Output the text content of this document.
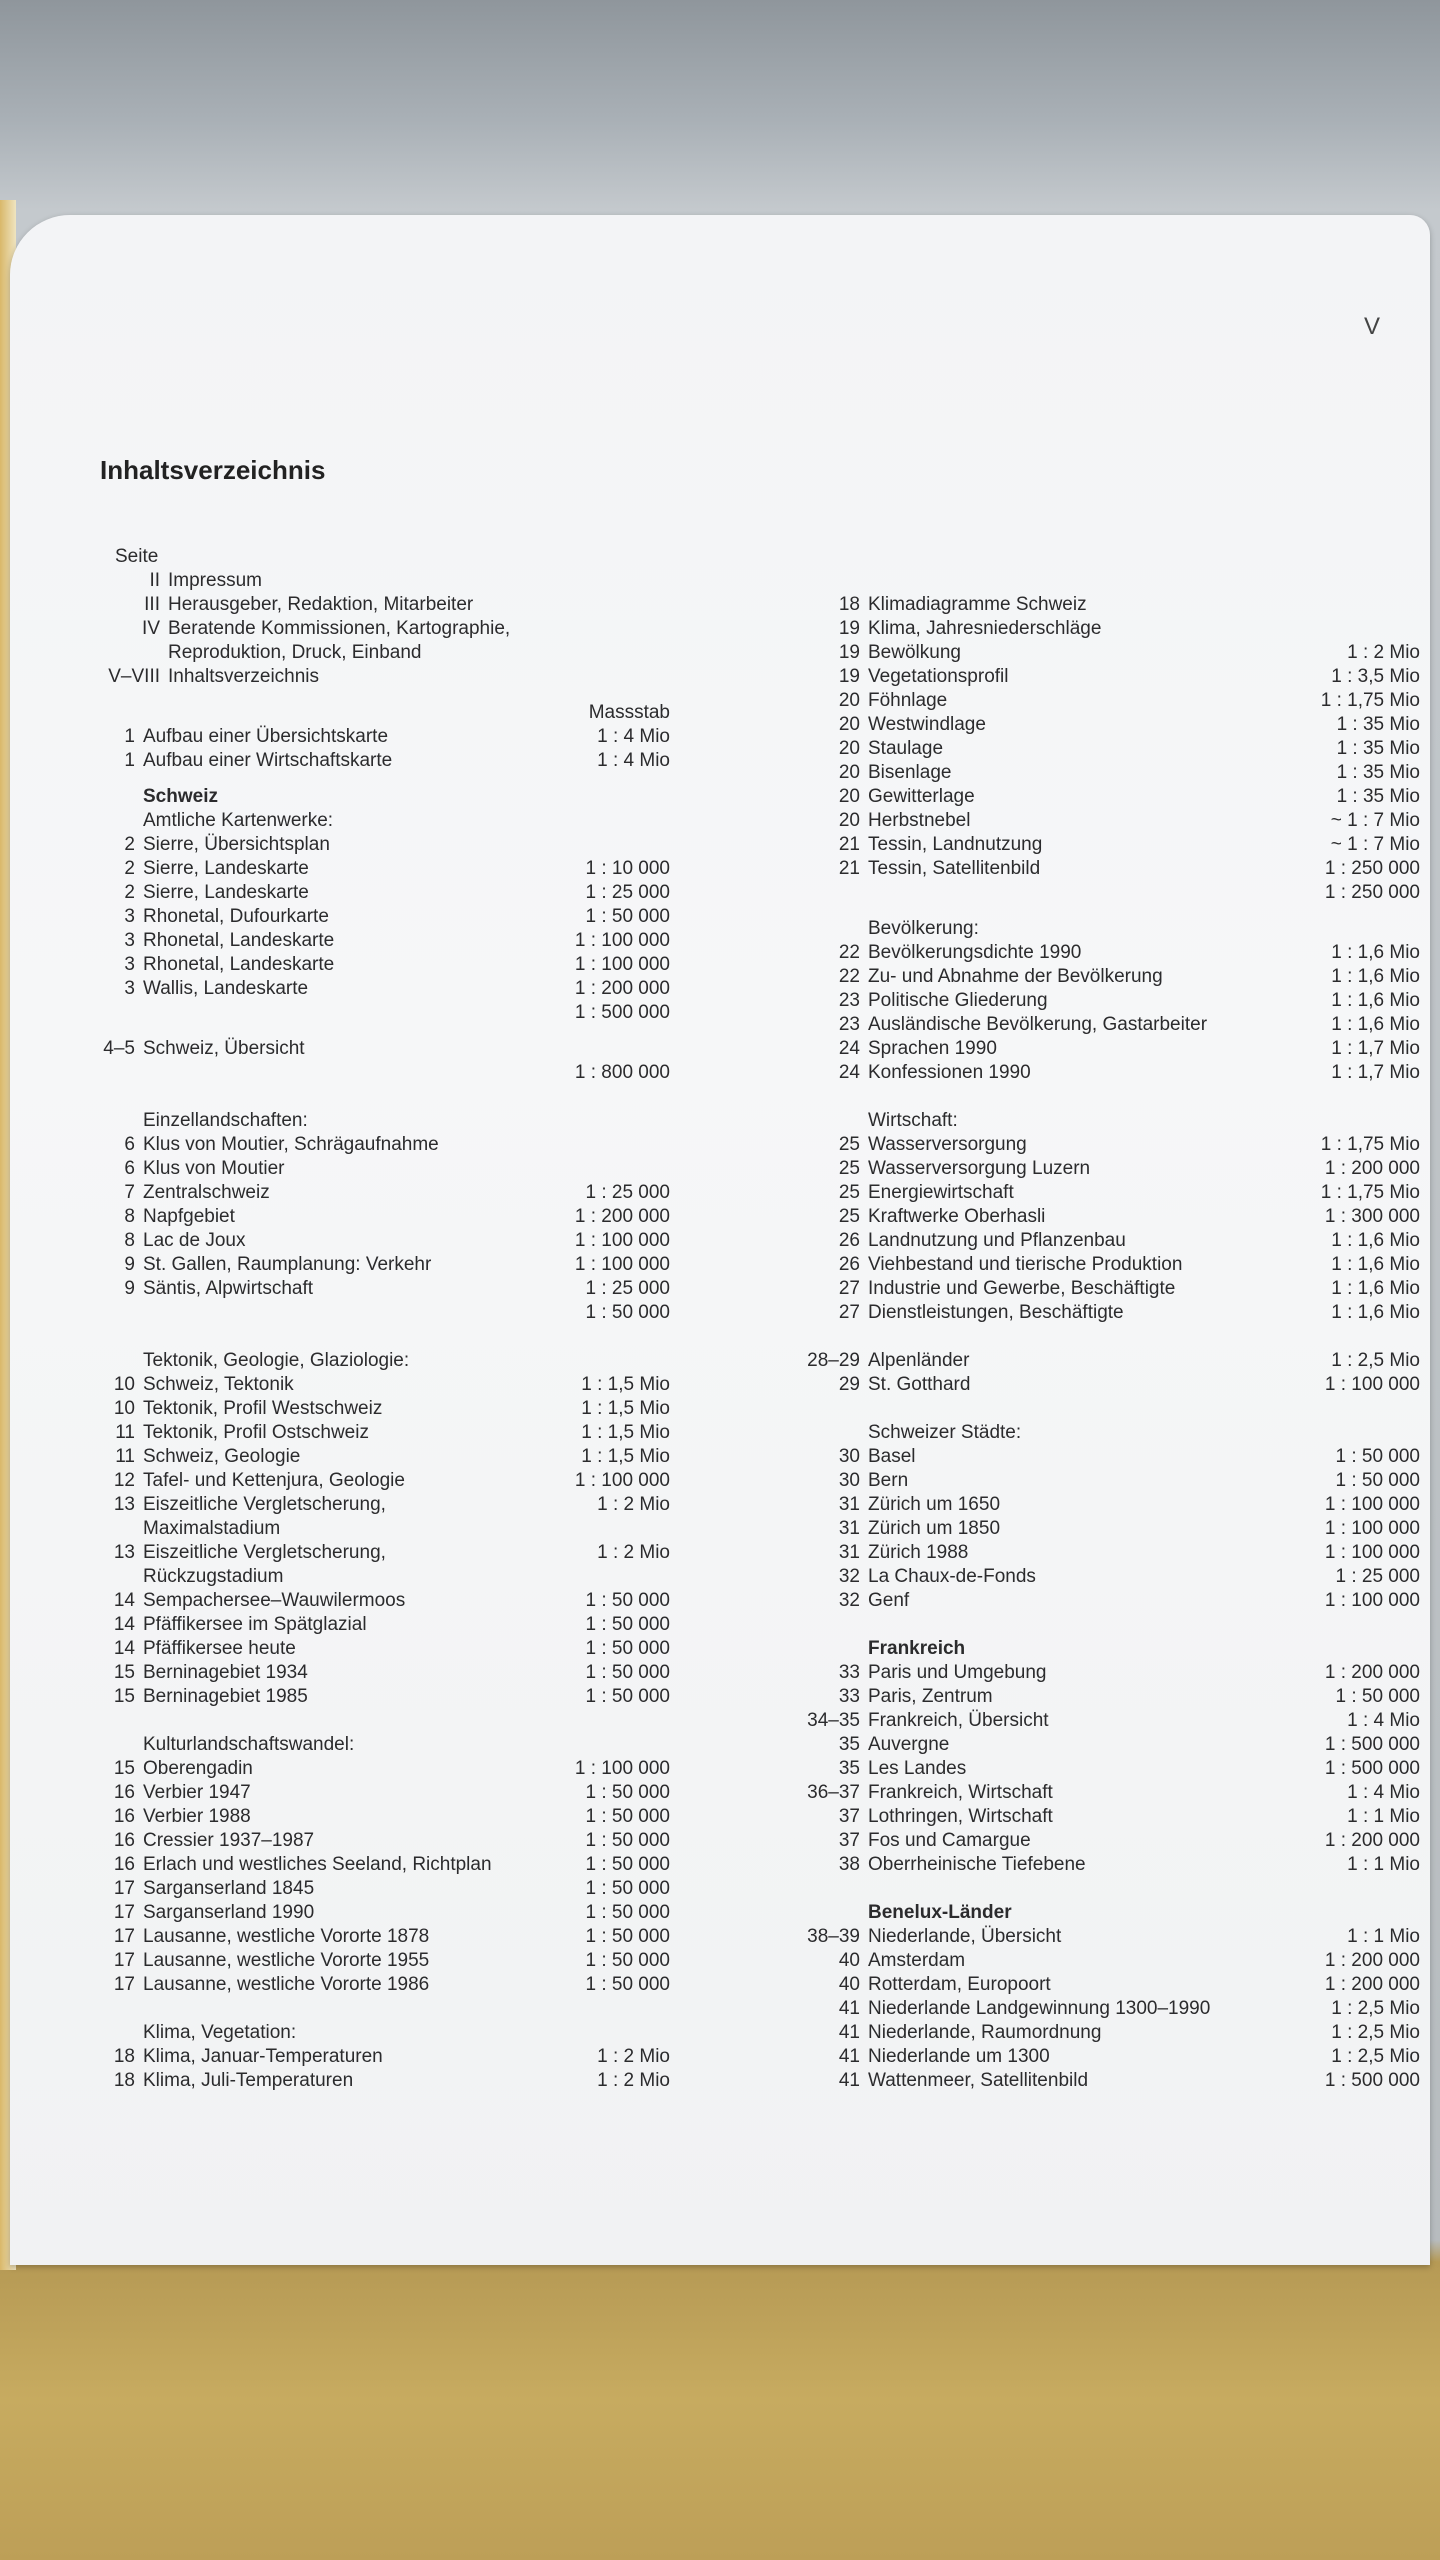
V
Inhaltsverzeichnis
Seite
II Impressum
III Herausgeber, Redaktion, Mitarbeiter
IV Beratende Kommissionen, Kartographie,
Reproduktion, Druck, Einband
V–VIII Inhaltsverzeichnis
Massstab
1 Aufbau einer Übersichtskarte	1 : 4 Mio
1 Aufbau einer Wirtschaftskarte	1 : 4 Mio
Schweiz
Amtliche Kartenwerke:
2 Sierre, Übersichtsplan
2 Sierre, Landeskarte	1 : 10 000
2 Sierre, Landeskarte	1 : 25 000
3 Rhonetal, Dufourkarte	1 : 50 000
3 Rhonetal, Landeskarte	1 : 100 000
3 Rhonetal, Landeskarte	1 : 100 000
3 Wallis, Landeskarte	1 : 200 000
1 : 500 000
4–5 Schweiz, Übersicht
1 : 800 000
Einzellandschaften:
6 Klus von Moutier, Schrägaufnahme
6 Klus von Moutier
7 Zentralschweiz	1 : 25 000
8 Napfgebiet	1 : 200 000
8 Lac de Joux	1 : 100 000
9 St. Gallen, Raumplanung: Verkehr	1 : 100 000
9 Säntis, Alpwirtschaft	1 : 25 000
1 : 50 000
Tektonik, Geologie, Glaziologie:
10 Schweiz, Tektonik	1 : 1,5 Mio
10 Tektonik, Profil Westschweiz	1 : 1,5 Mio
11 Tektonik, Profil Ostschweiz	1 : 1,5 Mio
11 Schweiz, Geologie	1 : 1,5 Mio
12 Tafel- und Kettenjura, Geologie	1 : 100 000
13 Eiszeitliche Vergletscherung,	1 : 2 Mio
Maximalstadium
13 Eiszeitliche Vergletscherung,	1 : 2 Mio
Rückzugstadium
14 Sempachersee–Wauwilermoos	1 : 50 000
14 Pfäffikersee im Spätglazial	1 : 50 000
14 Pfäffikersee heute	1 : 50 000
15 Berninagebiet 1934	1 : 50 000
15 Berninagebiet 1985	1 : 50 000
Kulturlandschaftswandel:
15 Oberengadin	1 : 100 000
16 Verbier 1947	1 : 50 000
16 Verbier 1988	1 : 50 000
16 Cressier 1937–1987	1 : 50 000
16 Erlach und westliches Seeland, Richtplan	1 : 50 000
17 Sarganserland 1845	1 : 50 000
17 Sarganserland 1990	1 : 50 000
17 Lausanne, westliche Vororte 1878	1 : 50 000
17 Lausanne, westliche Vororte 1955	1 : 50 000
17 Lausanne, westliche Vororte 1986	1 : 50 000
Klima, Vegetation:
18 Klima, Januar-Temperaturen	1 : 2 Mio
18 Klima, Juli-Temperaturen	1 : 2 Mio
18 Klimadiagramme Schweiz
19 Klima, Jahresniederschläge
19 Bewölkung	1 : 2 Mio
19 Vegetationsprofil	1 : 3,5 Mio
20 Föhnlage	1 : 1,75 Mio
20 Westwindlage	1 : 35 Mio
20 Staulage	1 : 35 Mio
20 Bisenlage	1 : 35 Mio
20 Gewitterlage	1 : 35 Mio
20 Herbstnebel	~ 1 : 7 Mio
21 Tessin, Landnutzung	~ 1 : 7 Mio
21 Tessin, Satellitenbild	1 : 250 000
1 : 250 000
Bevölkerung:
22 Bevölkerungsdichte 1990	1 : 1,6 Mio
22 Zu- und Abnahme der Bevölkerung	1 : 1,6 Mio
23 Politische Gliederung	1 : 1,6 Mio
23 Ausländische Bevölkerung, Gastarbeiter	1 : 1,6 Mio
24 Sprachen 1990	1 : 1,7 Mio
24 Konfessionen 1990	1 : 1,7 Mio
Wirtschaft:
25 Wasserversorgung	1 : 1,75 Mio
25 Wasserversorgung Luzern	1 : 200 000
25 Energiewirtschaft	1 : 1,75 Mio
25 Kraftwerke Oberhasli	1 : 300 000
26 Landnutzung und Pflanzenbau	1 : 1,6 Mio
26 Viehbestand und tierische Produktion	1 : 1,6 Mio
27 Industrie und Gewerbe, Beschäftigte	1 : 1,6 Mio
27 Dienstleistungen, Beschäftigte	1 : 1,6 Mio
28–29 Alpenländer	1 : 2,5 Mio
29 St. Gotthard	1 : 100 000
Schweizer Städte:
30 Basel	1 : 50 000
30 Bern	1 : 50 000
31 Zürich um 1650	1 : 100 000
31 Zürich um 1850	1 : 100 000
31 Zürich 1988	1 : 100 000
32 La Chaux-de-Fonds	1 : 25 000
32 Genf	1 : 100 000
Frankreich
33 Paris und Umgebung	1 : 200 000
33 Paris, Zentrum	1 : 50 000
34–35 Frankreich, Übersicht	1 : 4 Mio
35 Auvergne	1 : 500 000
35 Les Landes	1 : 500 000
36–37 Frankreich, Wirtschaft	1 : 4 Mio
37 Lothringen, Wirtschaft	1 : 1 Mio
37 Fos und Camargue	1 : 200 000
38 Oberrheinische Tiefebene	1 : 1 Mio
Benelux-Länder
38–39 Niederlande, Übersicht	1 : 1 Mio
40 Amsterdam	1 : 200 000
40 Rotterdam, Europoort	1 : 200 000
41 Niederlande Landgewinnung 1300–1990	1 : 2,5 Mio
41 Niederlande, Raumordnung	1 : 2,5 Mio
41 Niederlande um 1300	1 : 2,5 Mio
41 Wattenmeer, Satellitenbild	1 : 500 000
